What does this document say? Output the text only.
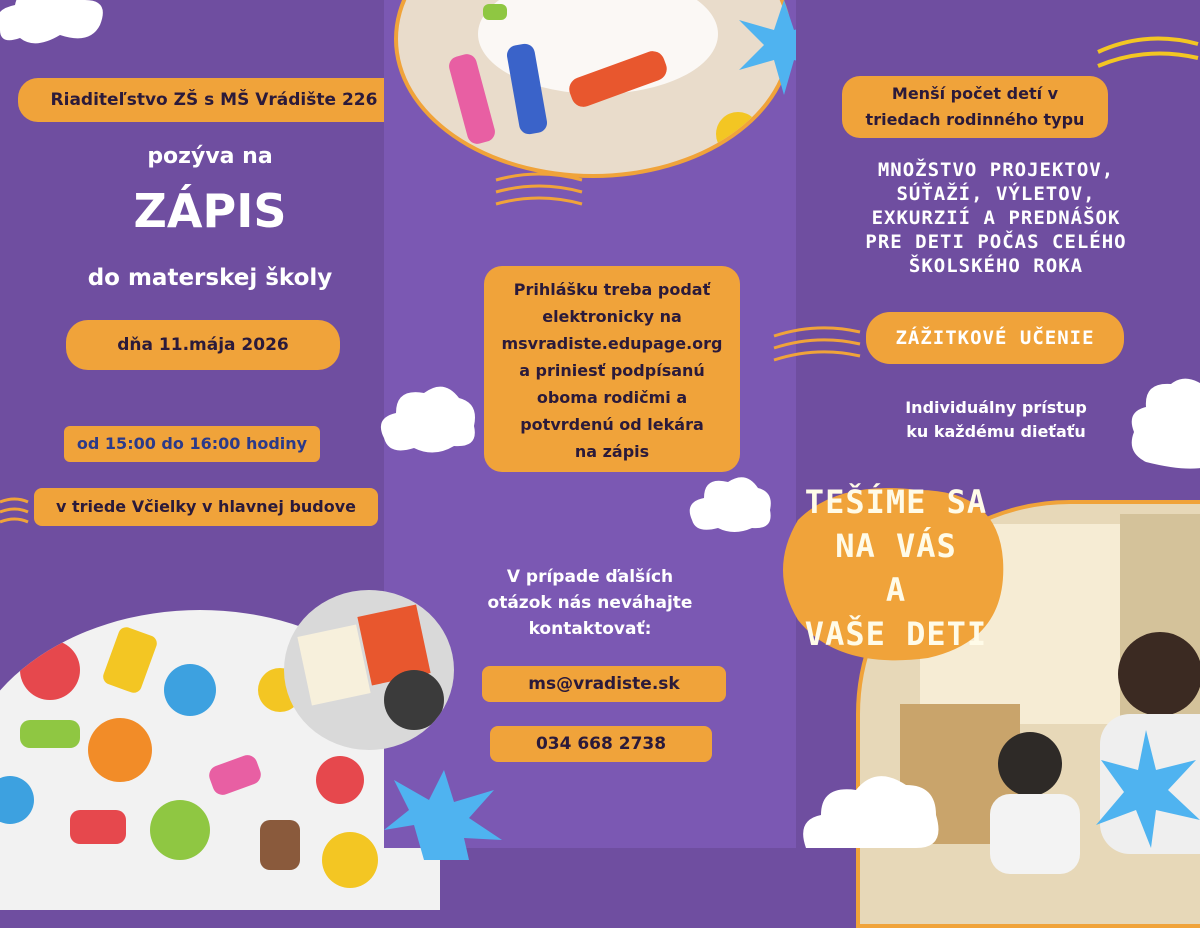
Riaditeľstvo ZŠ s MŠ Vrádište 226
pozýva na
ZÁPIS
do materskej školy
dňa 11.mája 2026
od 15:00 do 16:00 hodiny
v triede Včielky v hlavnej budove
Prihlášku treba podať
elektronicky na
msvradiste.edupage.org
a priniesť podpísanú
oboma rodičmi a
potvrdenú od lekára
na zápis
V prípade ďalších
otázok nás neváhajte
kontaktovať:
ms@vradiste.sk
034 668 2738
Menší počet detí v
triedach rodinného typu
MNOŽSTVO PROJEKTOV,
SÚŤAŽÍ, VÝLETOV,
EXKURZIÍ A PREDNÁŠOK
PRE DETI POČAS CELÉHO
ŠKOLSKÉHO ROKA
ZÁŽITKOVÉ UČENIE
Individuálny prístup
ku každému dieťaťu
TEŠÍME SA
NA VÁS
A
VAŠE DETI
